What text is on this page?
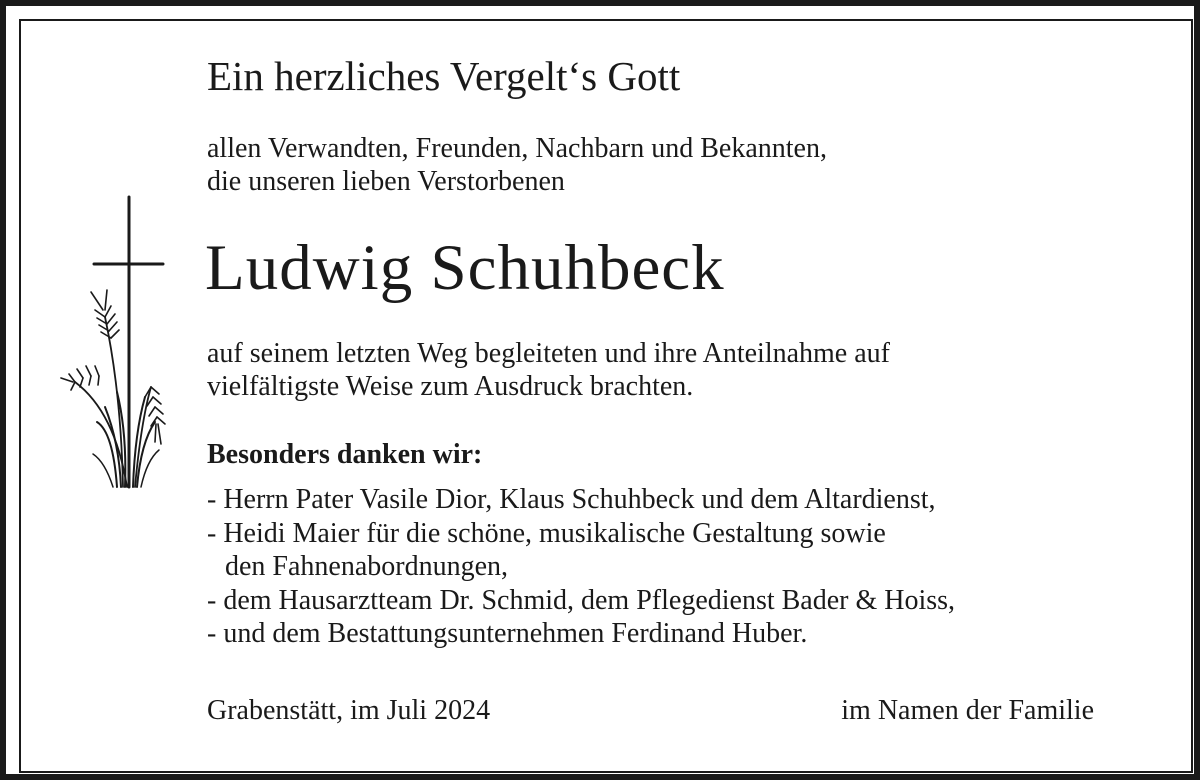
Ein herzliches Vergelt‘s Gott

allen Verwandten, Freunden, Nachbarn und Bekannten,
die unseren lieben Verstorbenen
Ludwig Schuhbeck
auf seinem letzten Weg begleiteten und ihre Anteilnahme auf
vielfältigste Weise zum Ausdruck brachten.

Besonders danken wir:

- Herrn Pater Vasile Dior, Klaus Schuhbeck und dem Altardienst,
- Heidi Maier für die schöne, musikalische Gestaltung sowie
den Fahnenabordnungen,
- dem Hausarztteam Dr. Schmid, dem Pflegedienst Bader & Hoiss,
- und dem Bestattungsunternehmen Ferdinand Huber.

Grabenstätt, im Juli 2024	im Namen der Familie
